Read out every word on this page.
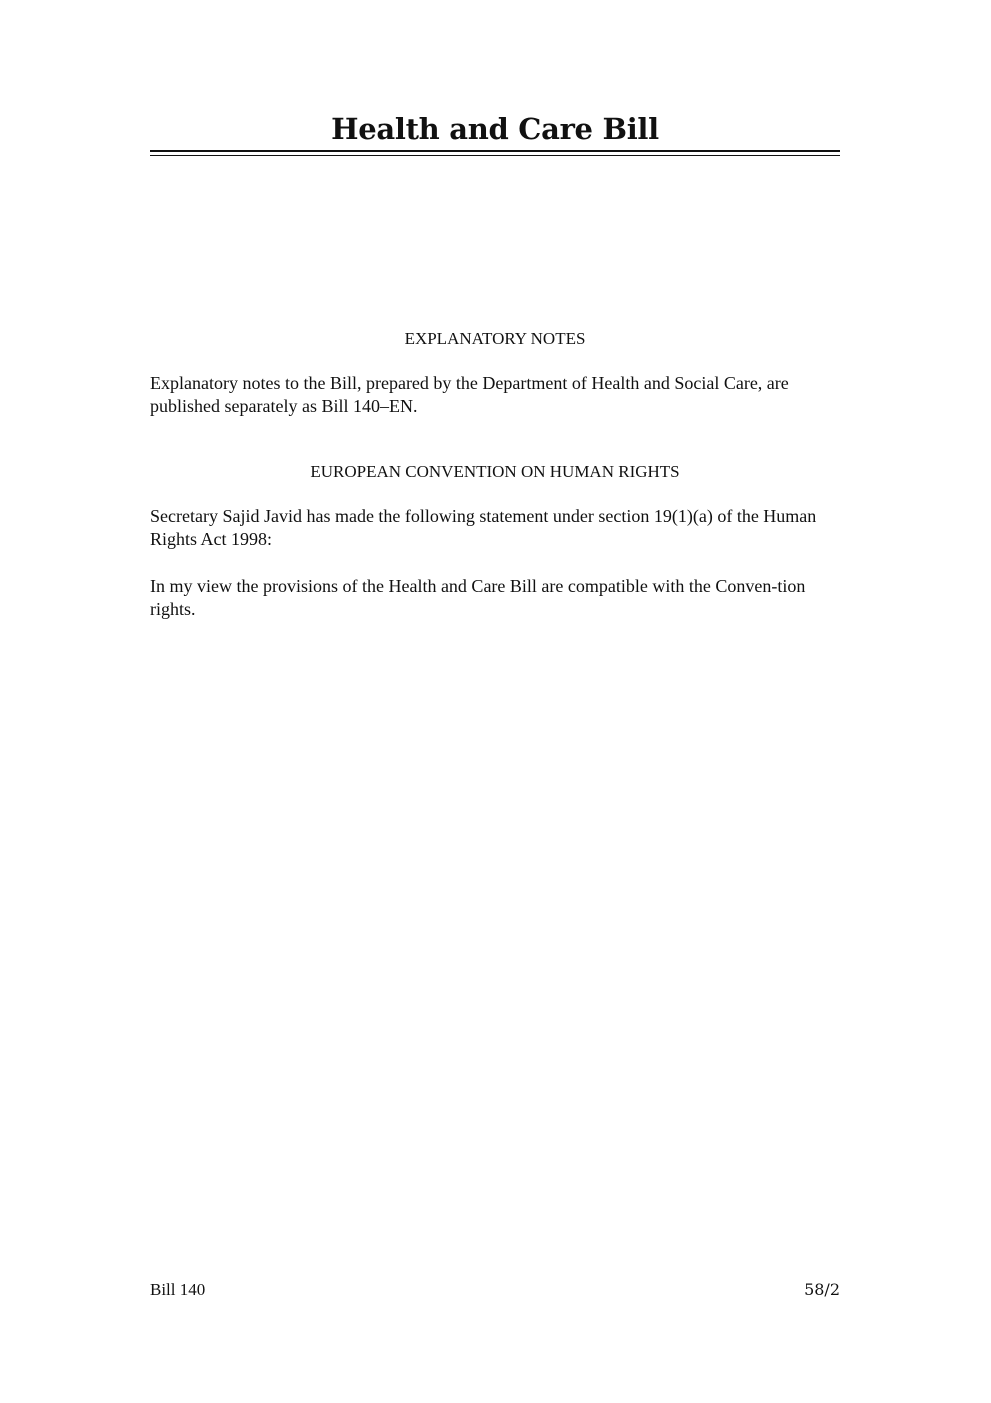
Health and Care Bill
EXPLANATORY NOTES

Explanatory notes to the Bill, prepared by the Department of Health and Social Care, are published separately as Bill 140–EN.

EUROPEAN CONVENTION ON HUMAN RIGHTS

Secretary Sajid Javid has made the following statement under section 19(1)(a) of the Human Rights Act 1998:

In my view the provisions of the Health and Care Bill are compatible with the Conven-tion rights.

Bill 140	58/2
